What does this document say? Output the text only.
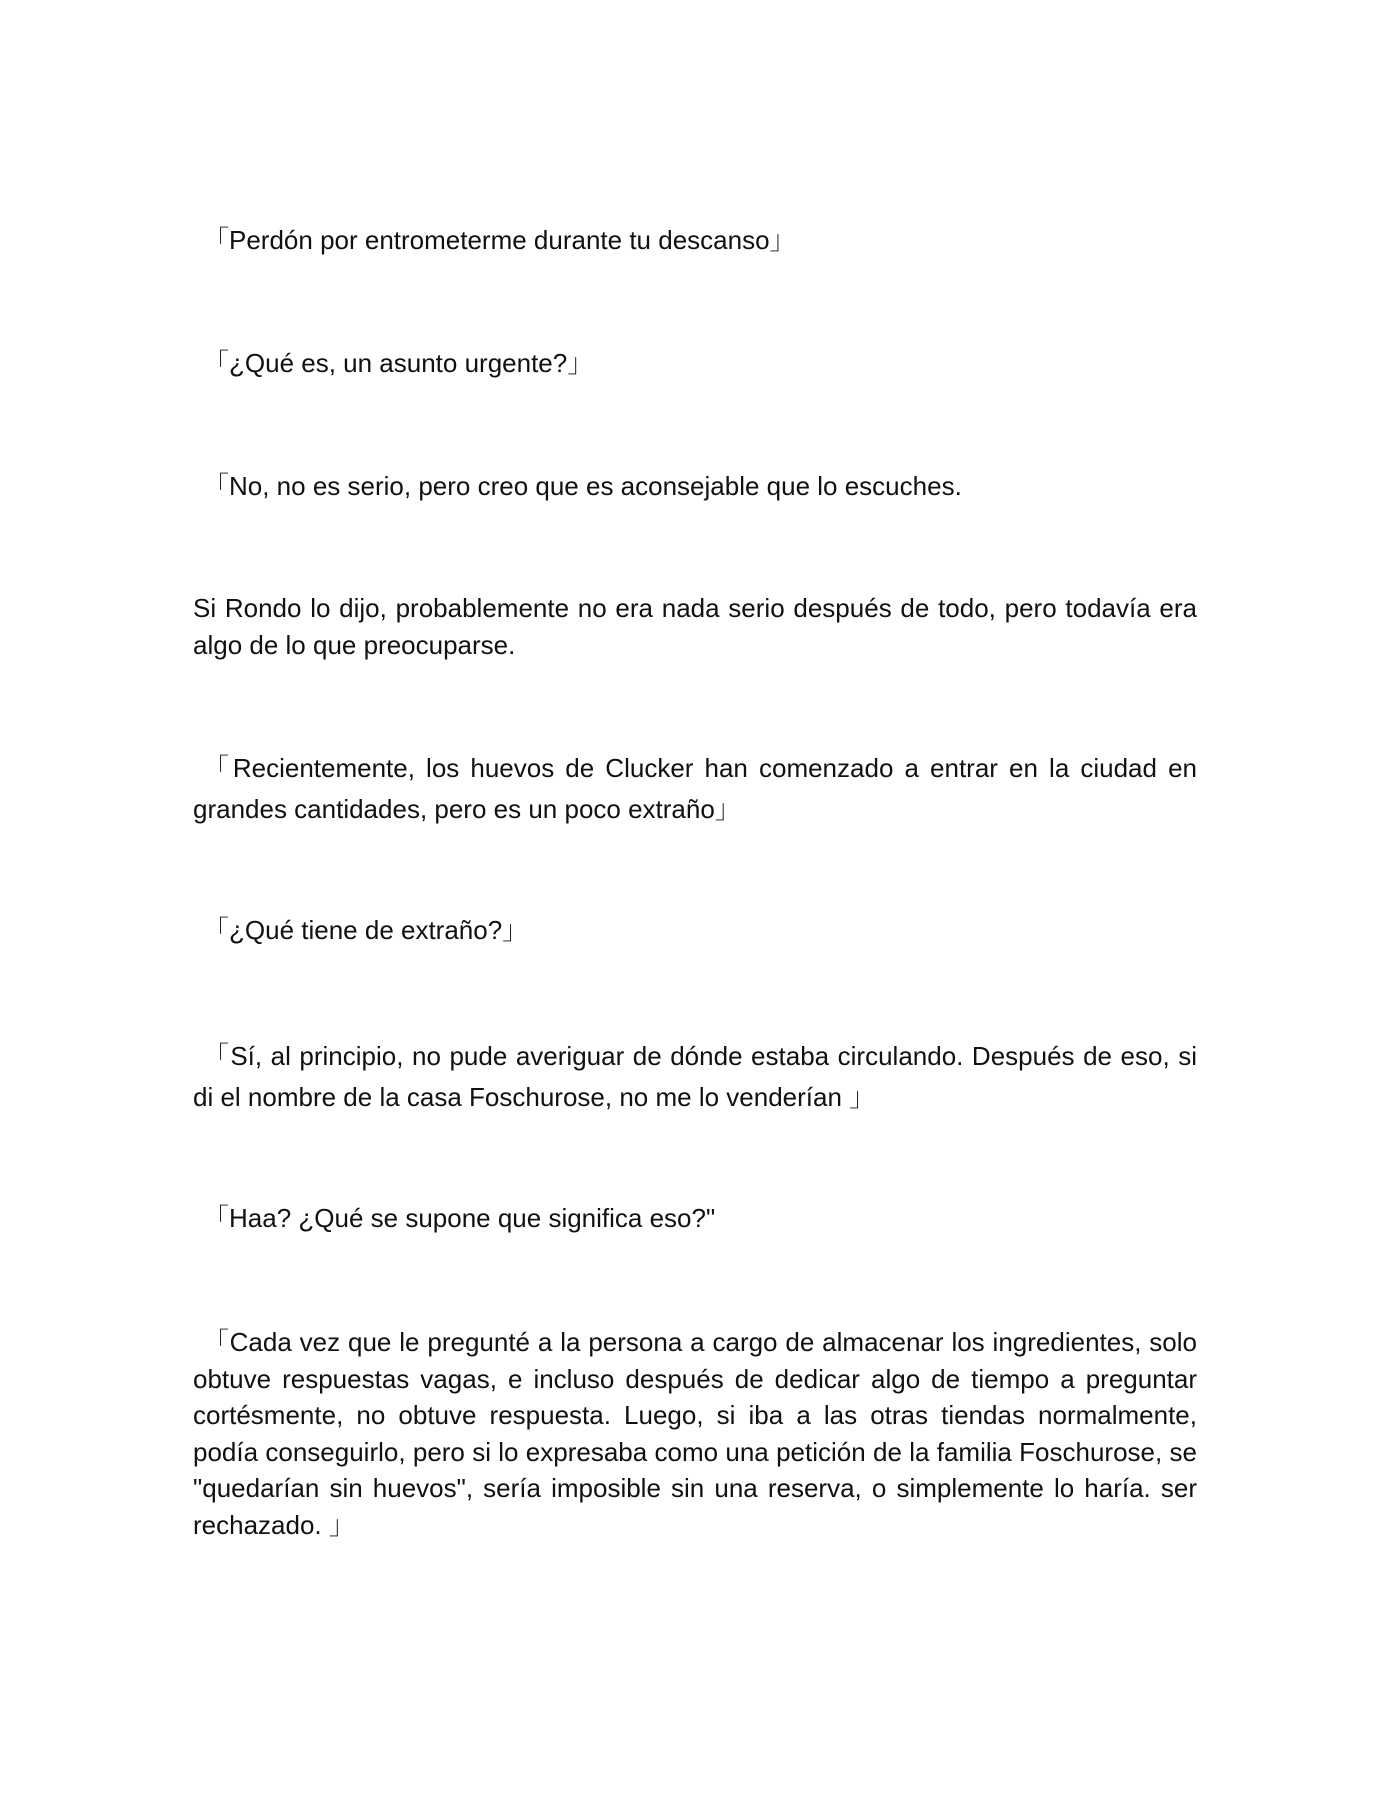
「Perdón por entrometerme durante tu descanso」

「¿Qué es, un asunto urgente?」

「No, no es serio, pero creo que es aconsejable que lo escuches.

Si Rondo lo dijo, probablemente no era nada serio después de todo, pero todavía era algo de lo que preocuparse.

「Recientemente, los huevos de Clucker han comenzado a entrar en la ciudad en grandes cantidades, pero es un poco extraño」

「¿Qué tiene de extraño?」

「Sí, al principio, no pude averiguar de dónde estaba circulando. Después de eso, si di el nombre de la casa Foschurose, no me lo venderían 」

「Haa? ¿Qué se supone que significa eso?"

「Cada vez que le pregunté a la persona a cargo de almacenar los ingredientes, solo obtuve respuestas vagas, e incluso después de dedicar algo de tiempo a preguntar cortésmente, no obtuve respuesta. Luego, si iba a las otras tiendas normalmente, podía conseguirlo, pero si lo expresaba como una petición de la familia Foschurose, se "quedarían sin huevos", sería imposible sin una reserva, o simplemente lo haría. ser rechazado. 」
